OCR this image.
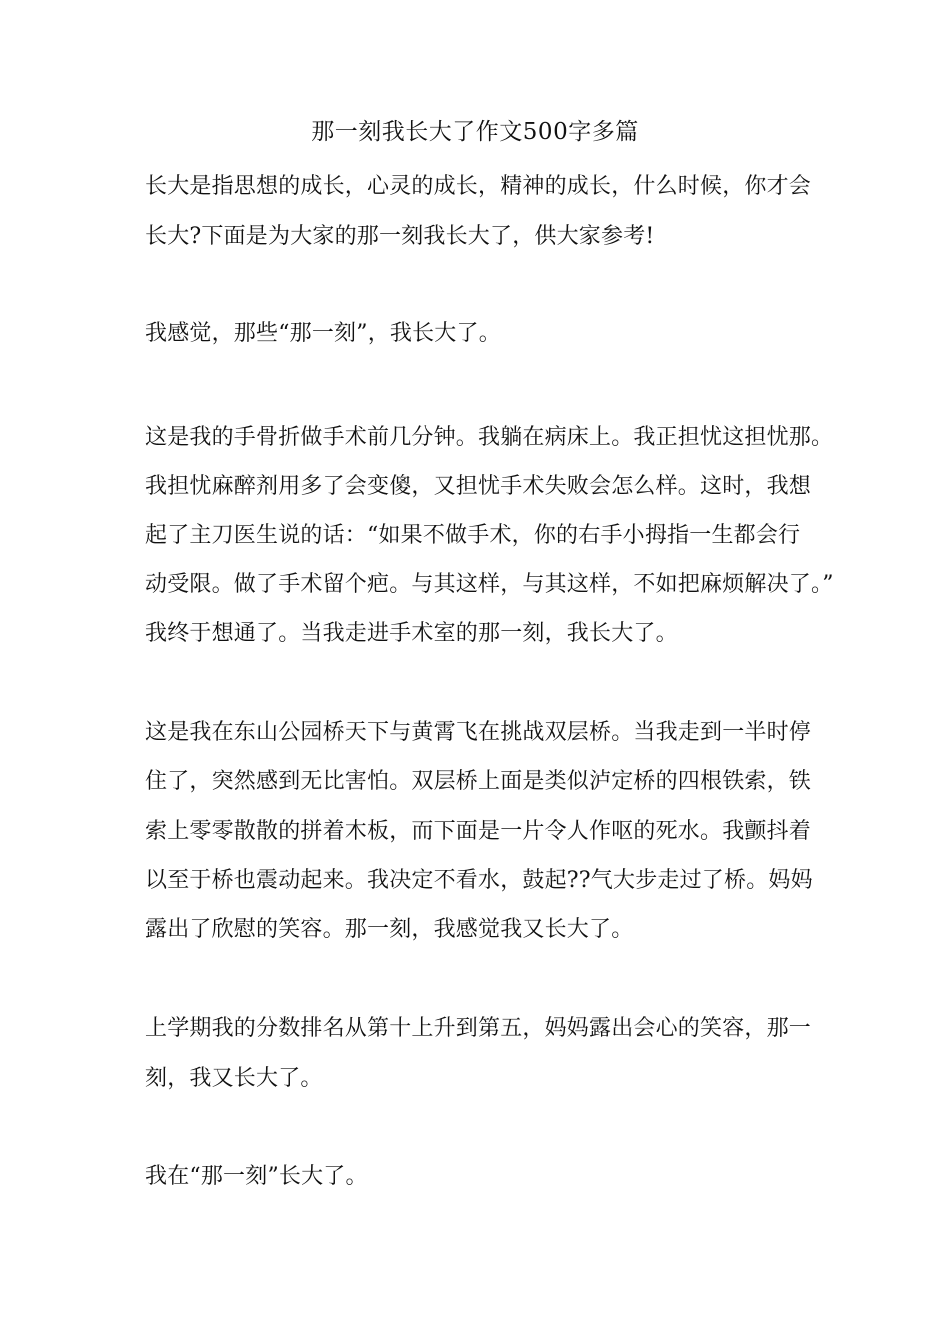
那一刻我长大了作文500字多篇
长大是指思想的成长，心灵的成长，精神的成长，什么时候，你才会
长大?下面是为大家的那一刻我长大了，供大家参考!
我感觉，那些“那一刻”，我长大了。
这是我的手骨折做手术前几分钟。我躺在病床上。我正担忧这担忧那。
我担忧麻醉剂用多了会变傻，又担忧手术失败会怎么样。这时，我想
起了主刀医生说的话：“如果不做手术，你的右手小拇指一生都会行
动受限。做了手术留个疤。与其这样，与其这样，不如把麻烦解决了。”
我终于想通了。当我走进手术室的那一刻，我长大了。
这是我在东山公园桥天下与黄霄飞在挑战双层桥。当我走到一半时停
住了，突然感到无比害怕。双层桥上面是类似泸定桥的四根铁索，铁
索上零零散散的拼着木板，而下面是一片令人作呕的死水。我颤抖着
以至于桥也震动起来。我决定不看水，鼓起??气大步走过了桥。妈妈
露出了欣慰的笑容。那一刻，我感觉我又长大了。
上学期我的分数排名从第十上升到第五，妈妈露出会心的笑容，那一
刻，我又长大了。
我在“那一刻”长大了。
